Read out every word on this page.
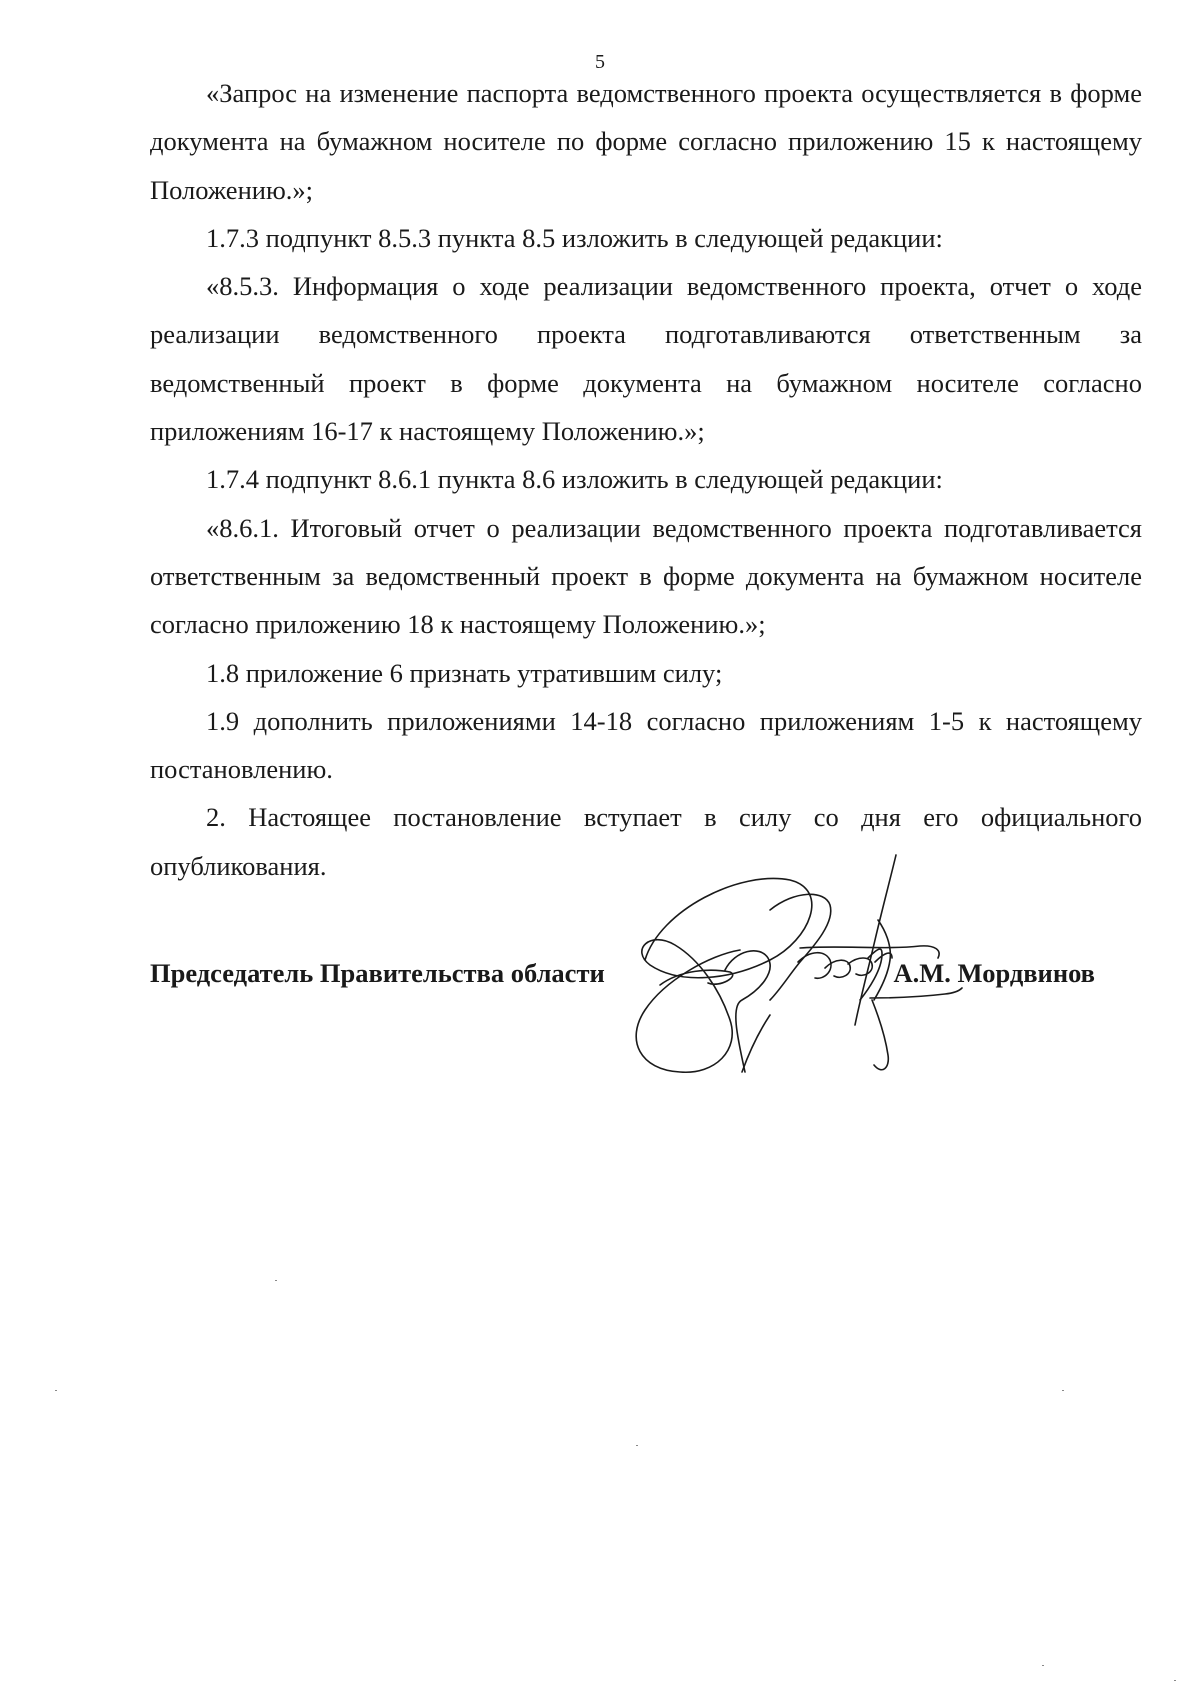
5

«Запрос на изменение паспорта ведомственного проекта осуществляется в форме документа на бумажном носителе по форме согласно приложению 15 к настоящему Положению.»;

1.7.3 подпункт 8.5.3 пункта 8.5 изложить в следующей редакции:

«8.5.3. Информация о ходе реализации ведомственного проекта, отчет о ходе реализации ведомственного проекта подготавливаются ответственным за ведомственный проект в форме документа на бумажном носителе согласно приложениям 16-17 к настоящему Положению.»;

1.7.4 подпункт 8.6.1 пункта 8.6 изложить в следующей редакции:

«8.6.1. Итоговый отчет о реализации ведомственного проекта подготавливается ответственным за ведомственный проект в форме документа на бумажном носителе согласно приложению 18 к настоящему Положению.»;

1.8 приложение 6 признать утратившим силу;

1.9 дополнить приложениями 14-18 согласно приложениям 1-5 к настоящему постановлению.

2. Настоящее постановление вступает в силу со дня его официального опубликования.

Председатель Правительства области	А.М. Мордвинов
